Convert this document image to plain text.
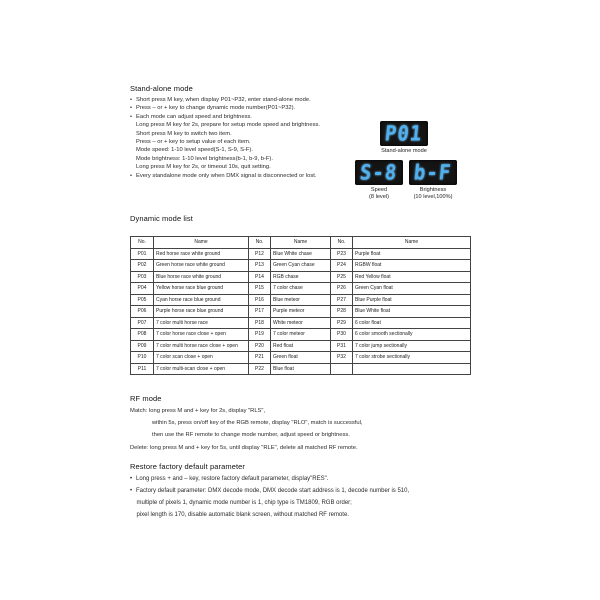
Stand-alone mode
• Short press M key, when display P01~P32, enter stand-alone mode.
• Press – or + key to change dynamic mode number(P01~P32).
• Each mode can adjust speed and brightness.
Long press M key for 2s, prepare for setup mode speed and brightness.
Short press M key to switch two item.
Press – or + key to setup value of each item.
Mode speed: 1-10 level speed(S-1, S-9, S-F).
Mode brightness: 1-10 level brightness(b-1, b-9, b-F).
Long press M key for 2s, or timeout 10s, quit setting.
• Every standalone mode only when DMX signal is disconnected or lost.
P01
Stand-alone mode
S-8 b-F
Speed
(8 level)
Brightness
(10 level,100%)
Dynamic mode list
No.	Name	No.	Name	No.	Name
P01	Red horse race white ground	P12	Blue White chase	P23	Purple float
P02	Green horse race white ground	P13	Green Cyan chase	P24	RGBW float
P03	Blue horse race white ground	P14	RGB chase	P25	Red Yellow float
P04	Yellow horse race blue ground	P15	7 color chase	P26	Green Cyan float
P05	Cyan horse race blue ground	P16	Blue meteor	P27	Blue Purple float
P06	Purple horse race blue ground	P17	Purple meteor	P28	Blue White float
P07	7 color multi horse race	P18	White meteor	P29	6 color float
P08	7 color horse race close + open	P19	7 color meteor	P30	6 color smooth sectionally
P09	7 color multi horse race close + open	P20	Red float	P31	7 color jump sectionally
P10	7 color scan close + open	P21	Green float	P32	7 color strobe sectionally
P11	7 color multi-scan close + open	P22	Blue float		
RF mode
Match: long press M and + key for 2s, display "RLS",
within 5s, press on/off key of the RGB remote, display "RLO", match is successful,
then use the RF remote to change mode number, adjust speed or brightness.
Delete: long press M and + key for 5s, until display "RLE", delete all matched RF remote.
Restore factory default parameter
• Long press + and – key, restore factory default parameter, display"RES".
• Factory default parameter: DMX decode mode, DMX decode start address is 1, decode number is 510,
multiple of pixels 1, dynamic mode number is 1, chip type is TM1809, RGB order;
pixel length is 170, disable automatic blank screen, without matched RF remote.
